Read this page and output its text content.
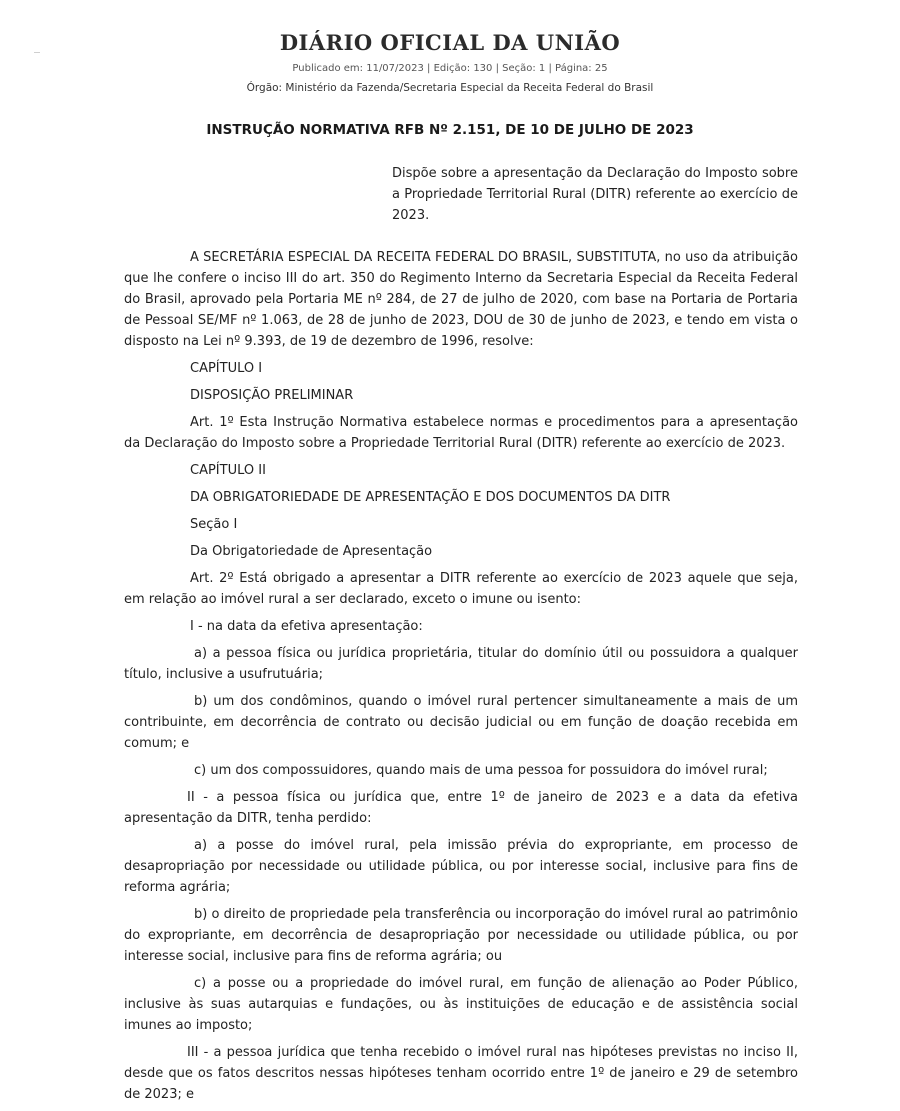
DIÁRIO OFICIAL DA UNIÃO
Publicado em: 11/07/2023 | Edição: 130 | Seção: 1 | Página: 25
Órgão: Ministério da Fazenda/Secretaria Especial da Receita Federal do Brasil
INSTRUÇÃO NORMATIVA RFB Nº 2.151, DE 10 DE JULHO DE 2023
Dispõe sobre a apresentação da Declaração do Imposto sobre a Propriedade Territorial Rural (DITR) referente ao exercício de 2023.

A SECRETÁRIA ESPECIAL DA RECEITA FEDERAL DO BRASIL, SUBSTITUTA, no uso da atribuição que lhe confere o inciso III do art. 350 do Regimento Interno da Secretaria Especial da Receita Federal do Brasil, aprovado pela Portaria ME nº 284, de 27 de julho de 2020, com base na Portaria de Portaria de Pessoal SE/MF nº 1.063, de 28 de junho de 2023, DOU de 30 de junho de 2023, e tendo em vista o disposto na Lei nº 9.393, de 19 de dezembro de 1996, resolve:

CAPÍTULO I

DISPOSIÇÃO PRELIMINAR

Art. 1º Esta Instrução Normativa estabelece normas e procedimentos para a apresentação da Declaração do Imposto sobre a Propriedade Territorial Rural (DITR) referente ao exercício de 2023.

CAPÍTULO II

DA OBRIGATORIEDADE DE APRESENTAÇÃO E DOS DOCUMENTOS DA DITR

Seção I

Da Obrigatoriedade de Apresentação

Art. 2º Está obrigado a apresentar a DITR referente ao exercício de 2023 aquele que seja, em relação ao imóvel rural a ser declarado, exceto o imune ou isento:

I - na data da efetiva apresentação:

a) a pessoa física ou jurídica proprietária, titular do domínio útil ou possuidora a qualquer título, inclusive a usufrutuária;

b) um dos condôminos, quando o imóvel rural pertencer simultaneamente a mais de um contribuinte, em decorrência de contrato ou decisão judicial ou em função de doação recebida em comum; e

c) um dos compossuidores, quando mais de uma pessoa for possuidora do imóvel rural;

II - a pessoa física ou jurídica que, entre 1º de janeiro de 2023 e a data da efetiva apresentação da DITR, tenha perdido:

a) a posse do imóvel rural, pela imissão prévia do expropriante, em processo de desapropriação por necessidade ou utilidade pública, ou por interesse social, inclusive para fins de reforma agrária;

b) o direito de propriedade pela transferência ou incorporação do imóvel rural ao patrimônio do expropriante, em decorrência de desapropriação por necessidade ou utilidade pública, ou por interesse social, inclusive para fins de reforma agrária; ou

c) a posse ou a propriedade do imóvel rural, em função de alienação ao Poder Público, inclusive às suas autarquias e fundações, ou às instituições de educação e de assistência social imunes ao imposto;

III - a pessoa jurídica que tenha recebido o imóvel rural nas hipóteses previstas no inciso II, desde que os fatos descritos nessas hipóteses tenham ocorrido entre 1º de janeiro e 29 de setembro de 2023; e
